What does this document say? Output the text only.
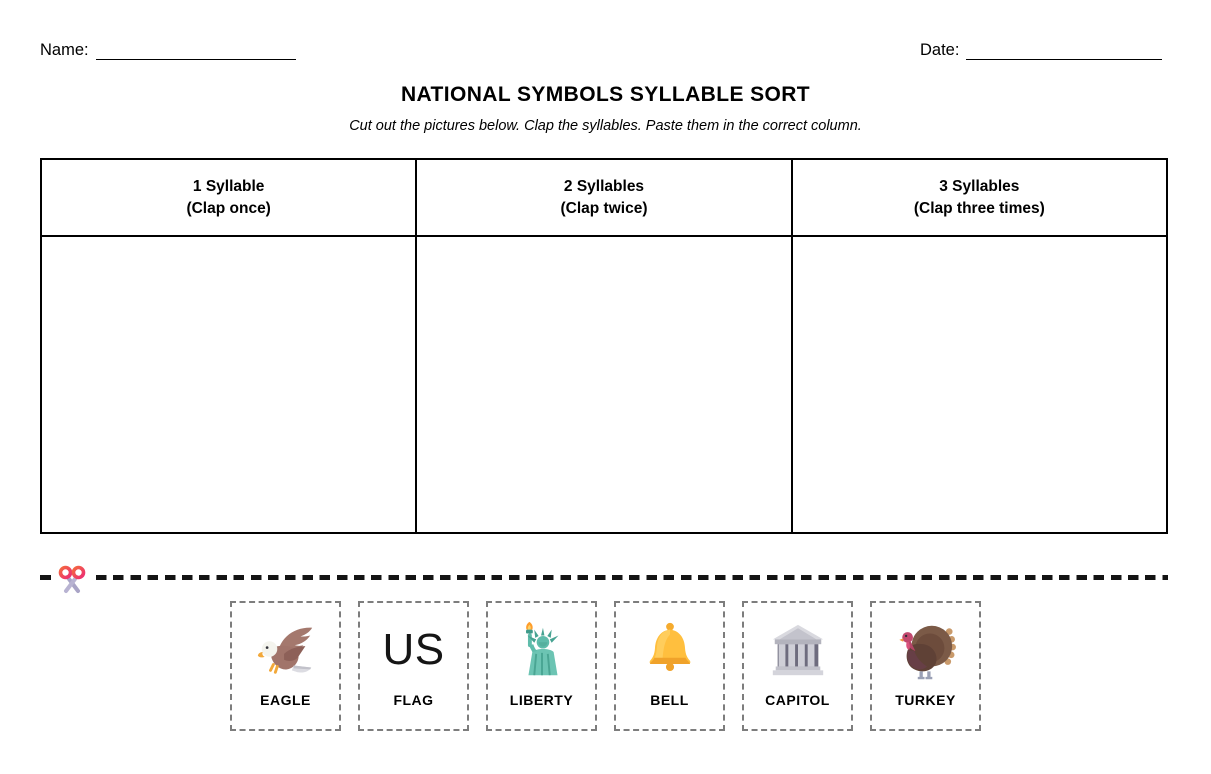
Name:	Date:
NATIONAL SYMBOLS SYLLABLE SORT

Cut out the pictures below. Clap the syllables. Paste them in the correct column.

1 Syllable
(Clap once)
2 Syllables
(Clap twice)
3 Syllables
(Clap three times)
EAGLE
US
FLAG	LIBERTY	BELL	CAPITOL	TURKEY
